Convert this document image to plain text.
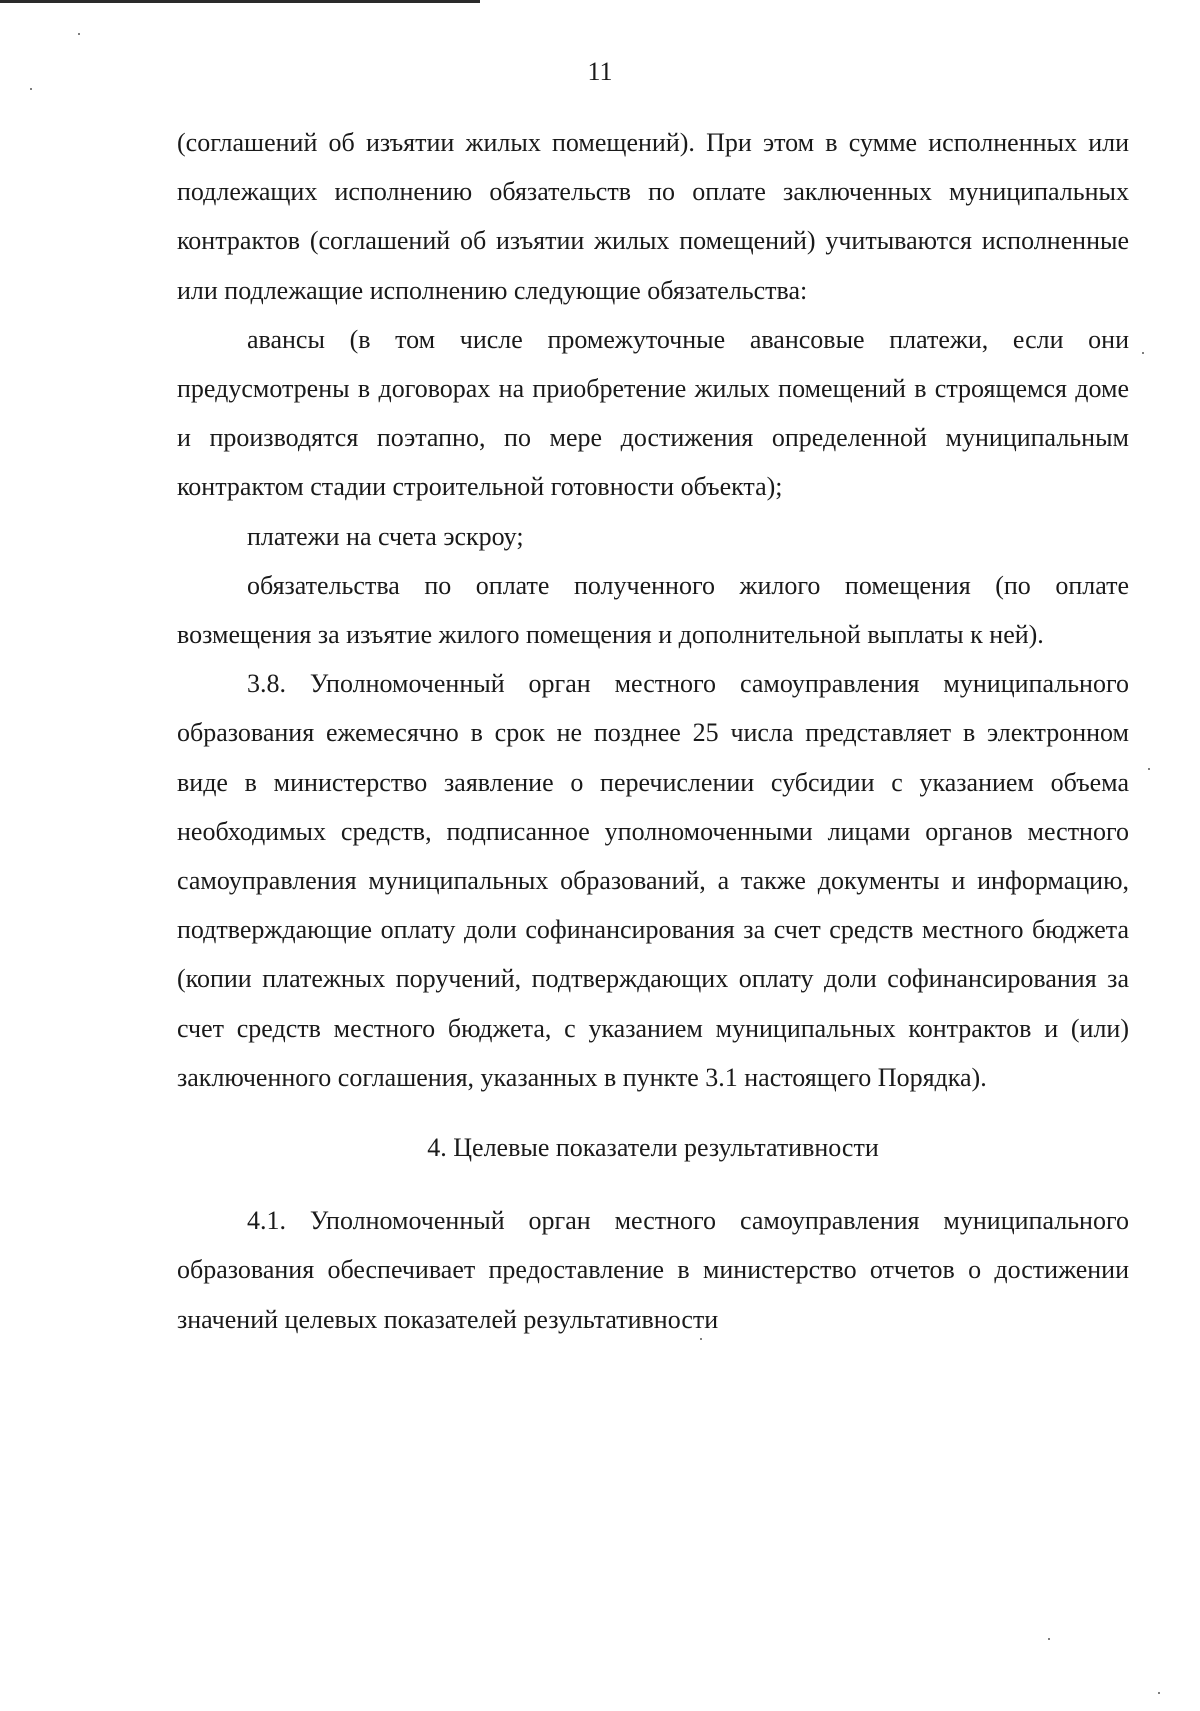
11

(соглашений об изъятии жилых помещений). При этом в сумме исполненных или подлежащих исполнению обязательств по оплате заключенных муниципальных контрактов (соглашений об изъятии жилых помещений) учитываются исполненные или подлежащие исполнению следующие обязательства:

авансы (в том числе промежуточные авансовые платежи, если они предусмотрены в договорах на приобретение жилых помещений в строящемся доме и производятся поэтапно, по мере достижения определенной муниципальным контрактом стадии строительной готовности объекта);

платежи на счета эскроу;

обязательства по оплате полученного жилого помещения (по оплате возмещения за изъятие жилого помещения и дополнительной выплаты к ней).

3.8. Уполномоченный орган местного самоуправления муниципального образования ежемесячно в срок не позднее 25 числа представляет в электронном виде в министерство заявление о перечислении субсидии с указанием объема необходимых средств, подписанное уполномоченными лицами органов местного самоуправления муниципальных образований, а также документы и информацию, подтверждающие оплату доли софинансирования за счет средств местного бюджета (копии платежных поручений, подтверждающих оплату доли софинансирования за счет средств местного бюджета, с указанием муниципальных контрактов и (или) заключенного соглашения, указанных в пункте 3.1 настоящего Порядка).

4. Целевые показатели результативности

4.1. Уполномоченный орган местного самоуправления муниципального образования обеспечивает предоставление в министерство отчетов о достижении значений целевых показателей результативности
